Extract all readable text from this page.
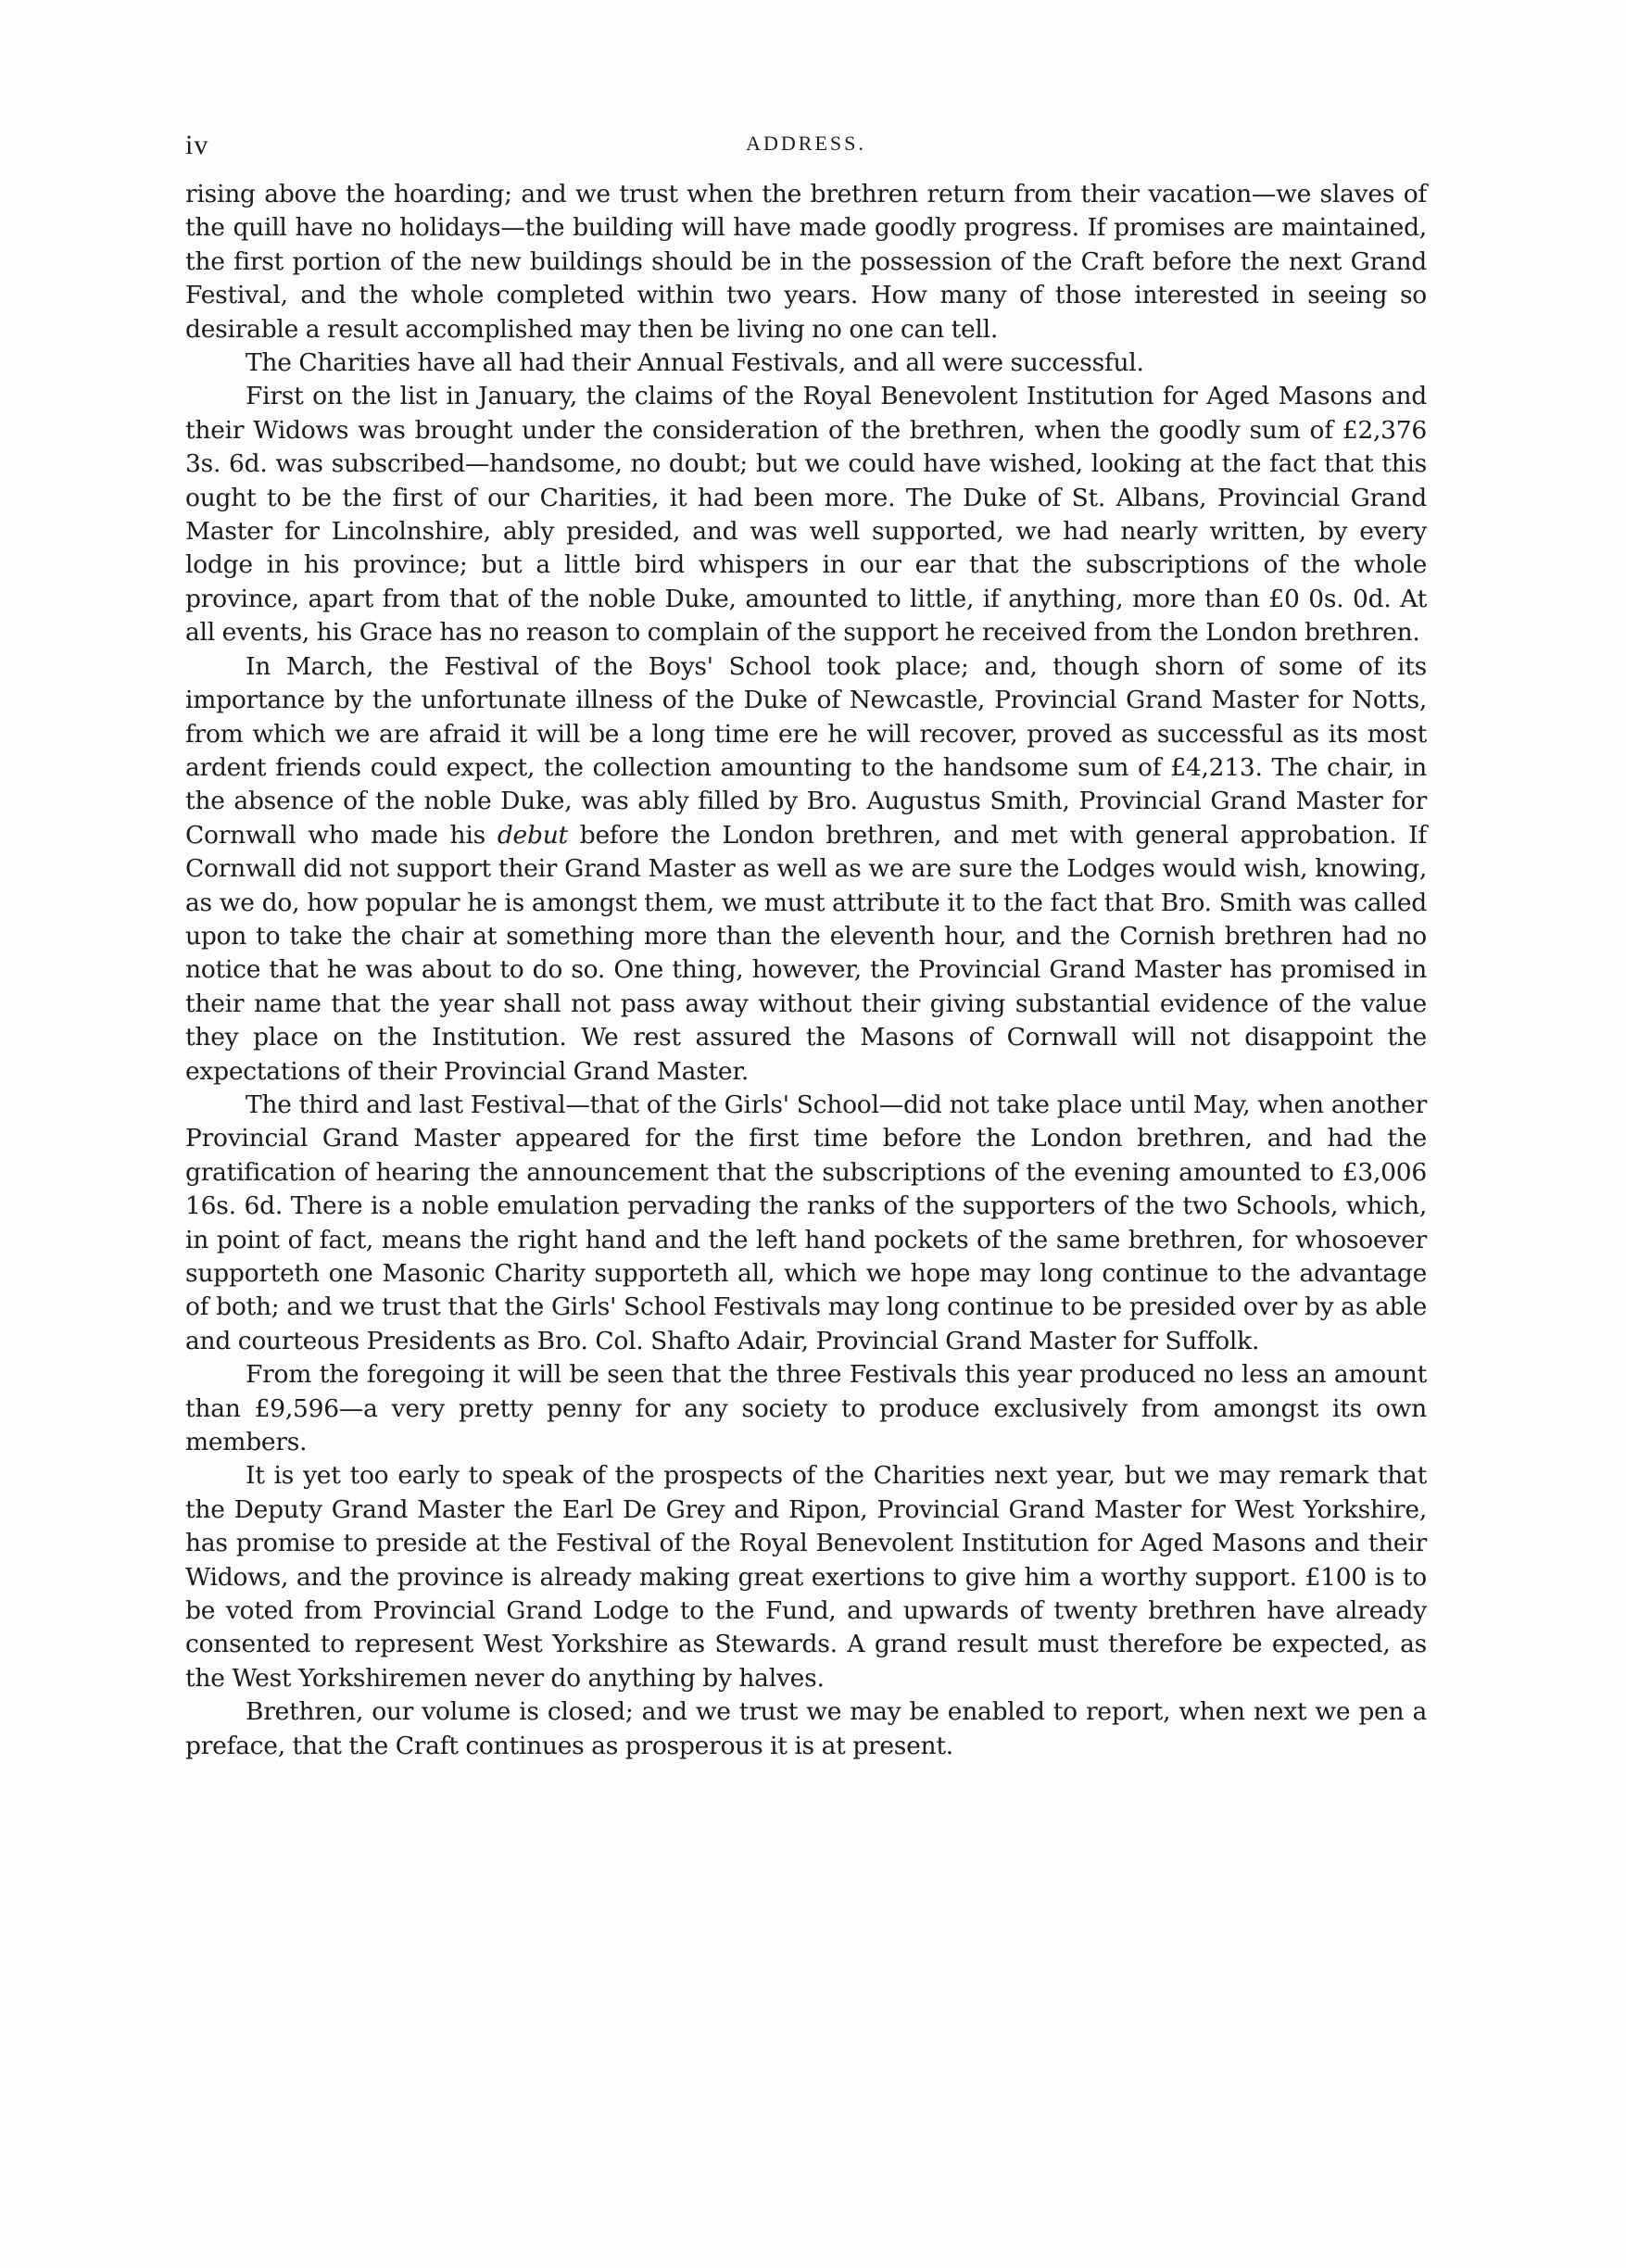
iv	ADDRESS.

rising above the hoarding; and we trust when the brethren return from their vacation—we slaves of the quill have no holidays—the building will have made goodly progress. If promises are maintained, the first portion of the new buildings should be in the possession of the Craft before the next Grand Festival, and the whole completed within two years. How many of those interested in seeing so desirable a result accomplished may then be living no one can tell.

The Charities have all had their Annual Festivals, and all were successful.

First on the list in January, the claims of the Royal Benevolent Institution for Aged Masons and their Widows was brought under the consideration of the brethren, when the goodly sum of £2,376 3s. 6d. was subscribed—handsome, no doubt; but we could have wished, looking at the fact that this ought to be the first of our Charities, it had been more. The Duke of St. Albans, Provincial Grand Master for Lincolnshire, ably presided, and was well supported, we had nearly written, by every lodge in his province; but a little bird whispers in our ear that the subscriptions of the whole province, apart from that of the noble Duke, amounted to little, if anything, more than £0 0s. 0d. At all events, his Grace has no reason to complain of the support he received from the London brethren.

In March, the Festival of the Boys' School took place; and, though shorn of some of its importance by the unfortunate illness of the Duke of Newcastle, Provincial Grand Master for Notts, from which we are afraid it will be a long time ere he will recover, proved as successful as its most ardent friends could expect, the collection amounting to the handsome sum of £4,213. The chair, in the absence of the noble Duke, was ably filled by Bro. Augustus Smith, Provincial Grand Master for Cornwall who made his debut before the London brethren, and met with general approbation. If Cornwall did not support their Grand Master as well as we are sure the Lodges would wish, knowing, as we do, how popular he is amongst them, we must attribute it to the fact that Bro. Smith was called upon to take the chair at something more than the eleventh hour, and the Cornish brethren had no notice that he was about to do so. One thing, however, the Provincial Grand Master has promised in their name that the year shall not pass away without their giving substantial evidence of the value they place on the Institution. We rest assured the Masons of Cornwall will not disappoint the expectations of their Provincial Grand Master.

The third and last Festival—that of the Girls' School—did not take place until May, when another Provincial Grand Master appeared for the first time before the London brethren, and had the gratification of hearing the announcement that the subscriptions of the evening amounted to £3,006 16s. 6d. There is a noble emulation pervading the ranks of the supporters of the two Schools, which, in point of fact, means the right hand and the left hand pockets of the same brethren, for whosoever supporteth one Masonic Charity supporteth all, which we hope may long continue to the advantage of both; and we trust that the Girls' School Festivals may long continue to be presided over by as able and courteous Presidents as Bro. Col. Shafto Adair, Provincial Grand Master for Suffolk.

From the foregoing it will be seen that the three Festivals this year produced no less an amount than £9,596—a very pretty penny for any society to produce exclusively from amongst its own members.

It is yet too early to speak of the prospects of the Charities next year, but we may remark that the Deputy Grand Master the Earl De Grey and Ripon, Provincial Grand Master for West Yorkshire, has promise to preside at the Festival of the Royal Benevolent Institution for Aged Masons and their Widows, and the province is already making great exertions to give him a worthy support. £100 is to be voted from Provincial Grand Lodge to the Fund, and upwards of twenty brethren have already consented to represent West Yorkshire as Stewards. A grand result must therefore be expected, as the West Yorkshiremen never do anything by halves.

Brethren, our volume is closed; and we trust we may be enabled to report, when next we pen a preface, that the Craft continues as prosperous it is at present.
